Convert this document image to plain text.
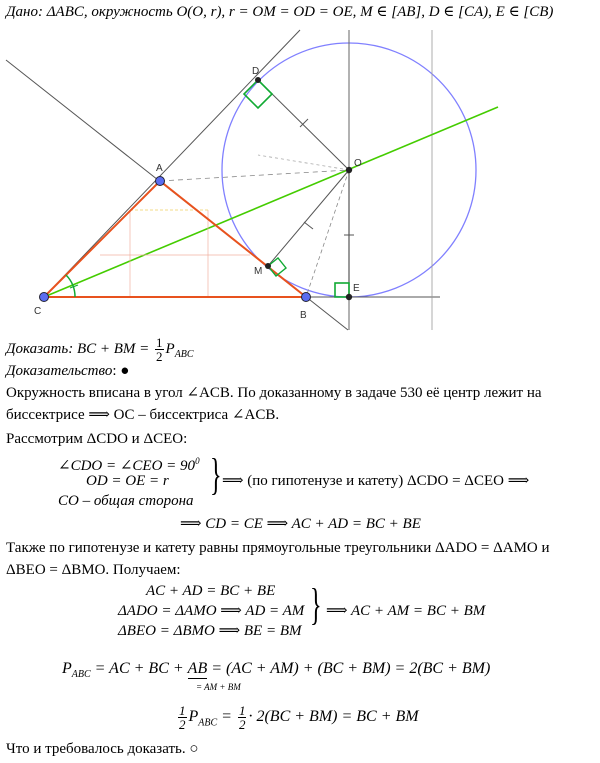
Дано: ΔABC, окружность O(O, r), r = OM = OD = OE, M ∈ [AB], D ∈ [CA), E ∈ [CB)
A
C	B
D
O
M
E
Доказать: BC + BM = $\frac{1}{2} P_{ABC}$
Доказательство: ●
Окружность вписана в угол ∠ACB. По доказанному в задаче 530 её центр лежит на
биссектрисе ⟹ OC – биссектриса ∠ACB.
Рассмотрим ΔCDO и ΔCEO:
∠CDO = ∠CEO = $90^0$
OD = OE = r
CO – общая сторона
} ⟹ (по гипотенузе и катету) ΔCDO = ΔCEO ⟹
⟹ CD = CE ⟹ AC + AD = BC + BE
Также по гипотенузе и катету равны прямоугольные треугольники ΔADO = ΔAMO и
ΔBEO = ΔBMO. Получаем:
AC + AD = BC + BE
ΔADO = ΔAMO ⟹ AD = AM
ΔBEO = ΔBMO ⟹ BE = BM
} ⟹ AC + AM = BC + BM
$P_{ABC}$ = AC + BC + AB = (AC + AM) + (BC + BM) = 2(BC + BM)
= AM + BM
$\frac{1}{2} P_{ABC} = \frac{1}{2} \cdot 2(BC + BM)$ = BC + BM
Что и требовалось доказать. ○
